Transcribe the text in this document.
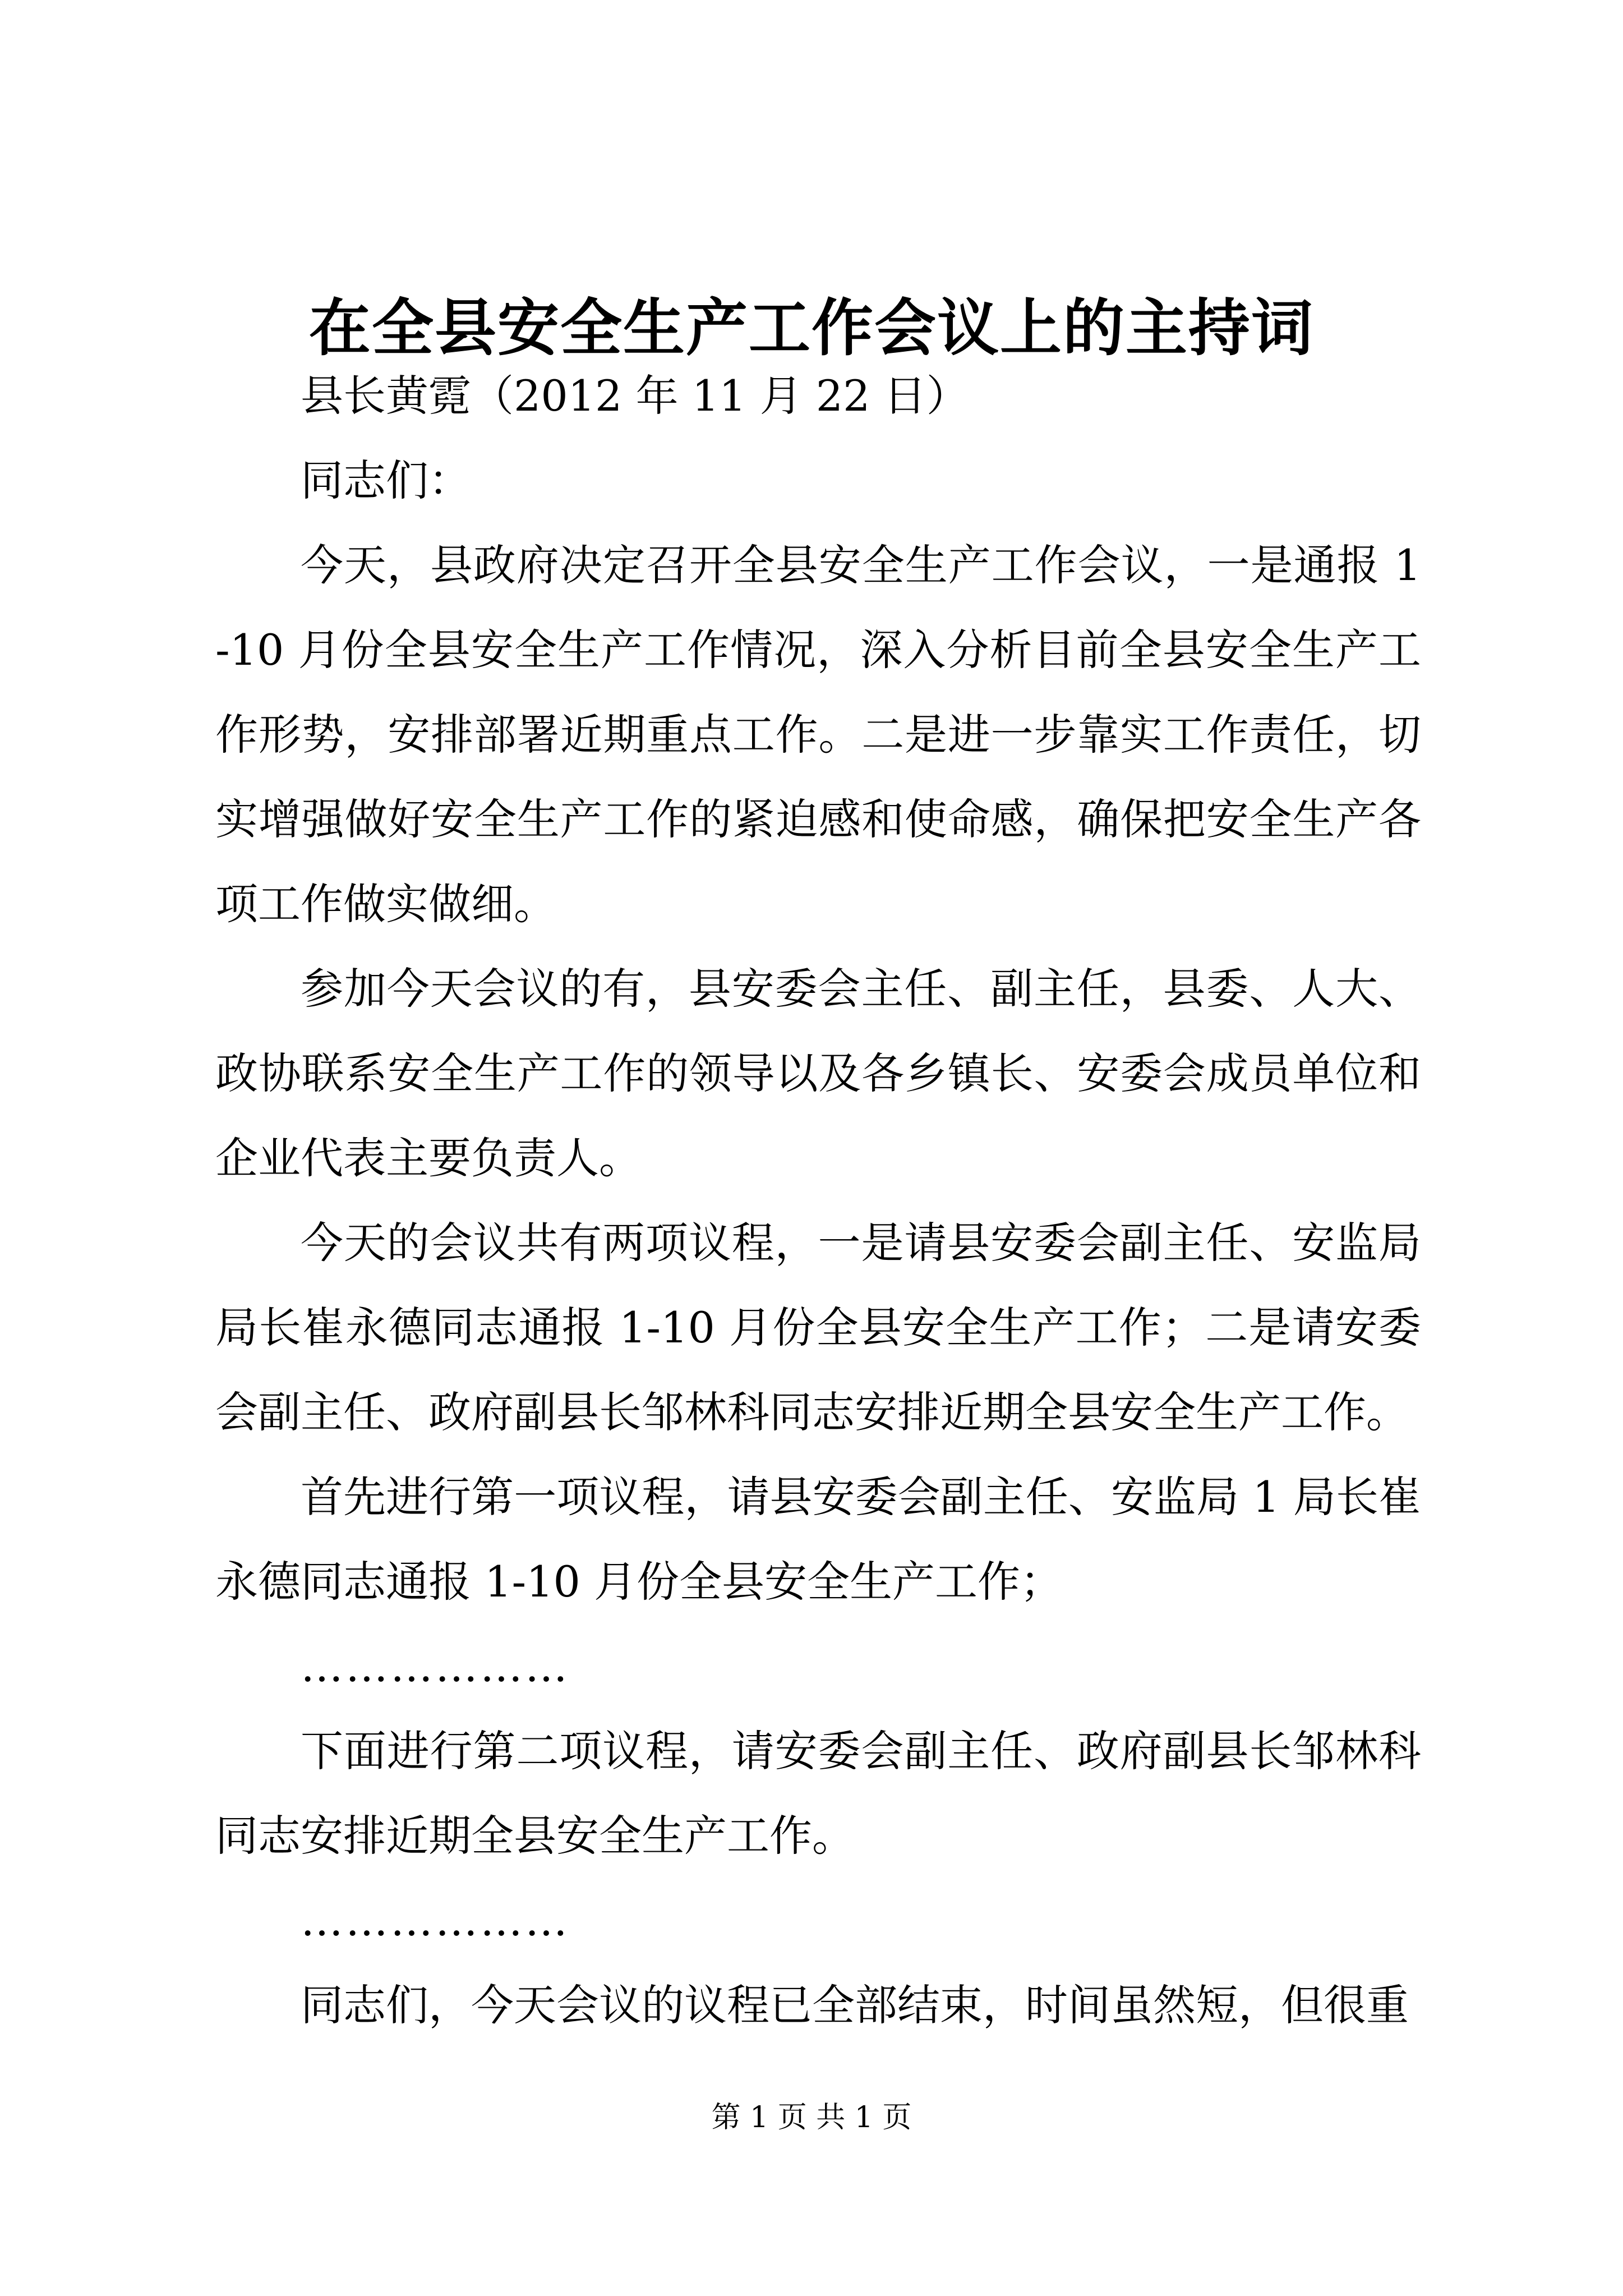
在全县安全生产工作会议上的主持词

县长黄霓（2012 年 11 月 22 日）

同志们：

今天，县政府决定召开全县安全生产工作会议，一是通报 1-10 月份全县安全生产工作情况，深入分析目前全县安全生产工作形势，安排部署近期重点工作。二是进一步靠实工作责任，切实增强做好安全生产工作的紧迫感和使命感，确保把安全生产各项工作做实做细。

参加今天会议的有，县安委会主任、副主任，县委、人大、政协联系安全生产工作的领导以及各乡镇长、安委会成员单位和企业代表主要负责人。

今天的会议共有两项议程，一是请县安委会副主任、安监局局长崔永德同志通报 1-10 月份全县安全生产工作；二是请安委会副主任、政府副县长邹林科同志安排近期全县安全生产工作。

首先进行第一项议程，请县安委会副主任、安监局 1 局长崔永德同志通报 1-10 月份全县安全生产工作；

………………

下面进行第二项议程，请安委会副主任、政府副县长邹林科同志安排近期全县安全生产工作。

………………

同志们，今天会议的议程已全部结束，时间虽然短，但很重

第 1 页 共 1 页
